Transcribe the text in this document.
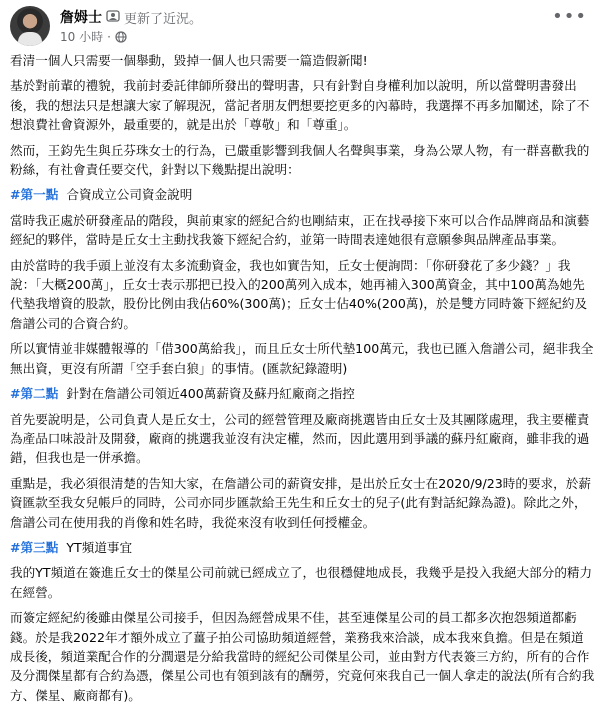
詹姆士 更新了近況。
10 小時 ·
•••

看清一個人只需要一個舉動，毀掉一個人也只需要一篇造假新聞!

基於對前輩的禮貌，我前封委託律師所發出的聲明書，只有針對自身權利加以說明，所以當聲明書發出後，我的想法只是想讓大家了解現況，當記者朋友們想要挖更多的內幕時，我選擇不再多加闡述，除了不想浪費社會資源外，最重要的，就是出於「尊敬」和「尊重」。

然而，王鈞先生與丘芬珠女士的行為，已嚴重影響到我個人名聲與事業，身為公眾人物，有一群喜歡我的粉絲，有社會責任要交代，針對以下幾點提出說明：

#第一點 合資成立公司資金說明

當時我正處於研發產品的階段，與前東家的經紀合約也剛結束，正在找尋接下來可以合作品牌商品和演藝經紀的夥伴，當時是丘女士主動找我簽下經紀合約，並第一時間表達她很有意願參與品牌產品事業。

由於當時的我手頭上並沒有太多流動資金，我也如實告知，丘女士便詢問：「你研發花了多少錢？」我說：「大概200萬」，丘女士表示那把已投入的200萬列入成本，她再補入300萬資金，其中100萬為她先代墊我增資的股款，股份比例由我佔60%(300萬)；丘女士佔40%(200萬)，於是雙方同時簽下經紀約及詹譜公司的合資合約。

所以實情並非媒體報導的「借300萬給我」，而且丘女士所代墊100萬元，我也已匯入詹譜公司，絕非我全無出資，更沒有所謂「空手套白狼」的事情。(匯款紀錄證明)

#第二點 針對在詹譜公司領近400萬薪資及蘇丹紅廠商之指控

首先要說明是，公司負責人是丘女士，公司的經營管理及廠商挑選皆由丘女士及其團隊處理，我主要權責為產品口味設計及開發，廠商的挑選我並沒有決定權，然而，因此選用到爭議的蘇丹紅廠商，雖非我的過錯，但我也是一併承擔。

重點是，我必須很清楚的告知大家，在詹譜公司的薪資安排，是出於丘女士在2020/9/23時的要求，於薪資匯款至我女兒帳戶的同時，公司亦同步匯款給王先生和丘女士的兒子(此有對話紀錄為證)。除此之外，詹譜公司在使用我的肖像和姓名時，我從來沒有收到任何授權金。

#第三點 YT頻道事宜

我的YT頻道在簽進丘女士的傑星公司前就已經成立了，也很穩健地成長，我幾乎是投入我絕大部分的精力在經營。

而簽定經紀約後雖由傑星公司接手，但因為經營成果不佳，甚至連傑星公司的員工都多次抱怨頻道都虧錢。於是我2022年才額外成立了薑子拍公司協助頻道經營，業務我來洽談，成本我來負擔。但是在頻道成長後，頻道業配合作的分潤還是分給我當時的經紀公司傑星公司，並由對方代表簽三方約，所有的合作及分潤傑星都有合約為憑，傑星公司也有領到該有的酬勞，究竟何來我自己一個人拿走的說法(所有合約我方、傑星、廠商都有)。
